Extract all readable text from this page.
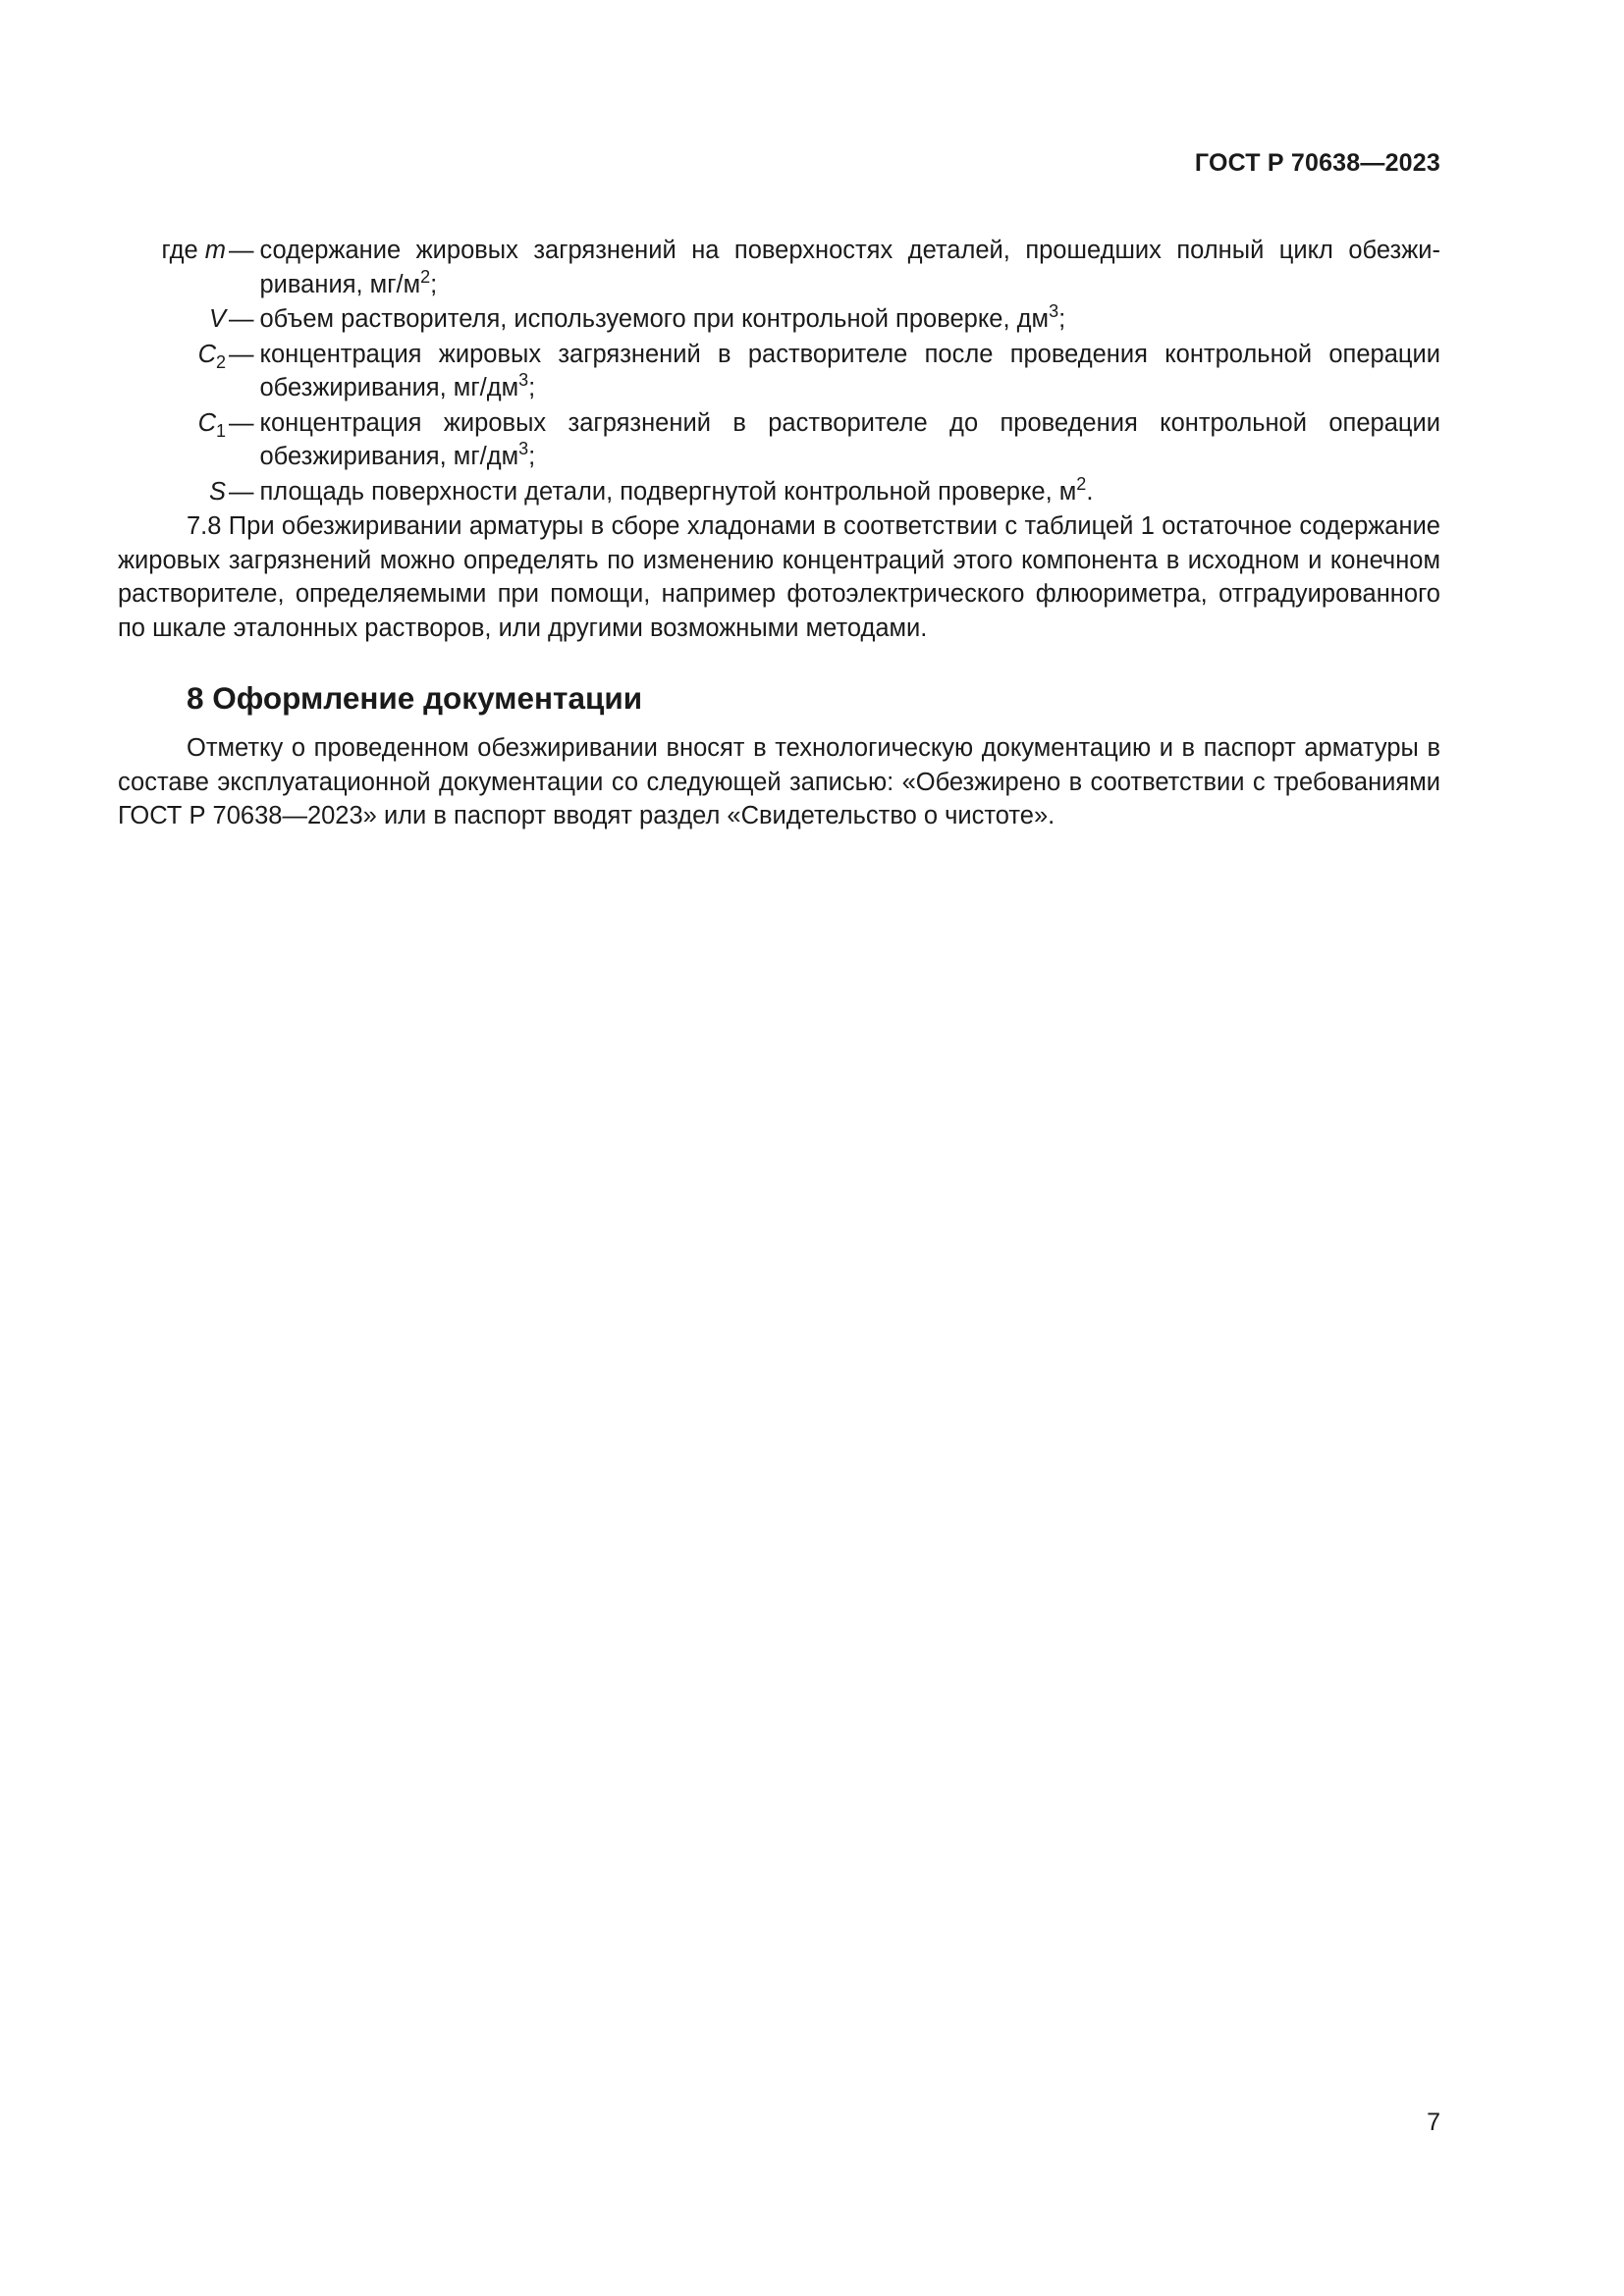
ГОСТ Р 70638—2023
где m — содержание жировых загрязнений на поверхностях деталей, прошедших полный цикл обезжиривания, $мг/м^2$;
V — объем растворителя, используемого при контрольной проверке, $дм^3$;
$C_2$ — концентрация жировых загрязнений в растворителе после проведения контрольной операции обезжиривания, $мг/дм^3$;
$C_1$ — концентрация жировых загрязнений в растворителе до проведения контрольной операции обезжиривания, $мг/дм^3$;
S — площадь поверхности детали, подвергнутой контрольной проверке, $м^2$.

7.8 При обезжиривании арматуры в сборе хладонами в соответствии с таблицей 1 остаточное содержание жировых загрязнений можно определять по изменению концентраций этого компонента в исходном и конечном растворителе, определяемыми при помощи, например фотоэлектрического флюориметра, отградуированного по шкале эталонных растворов, или другими возможными методами.

8 Оформление документации

Отметку о проведенном обезжиривании вносят в технологическую документацию и в паспорт арматуры в составе эксплуатационной документации со следующей записью: «Обезжирено в соответствии с требованиями ГОСТ Р 70638—2023» или в паспорт вводят раздел «Свидетельство о чистоте».

7
